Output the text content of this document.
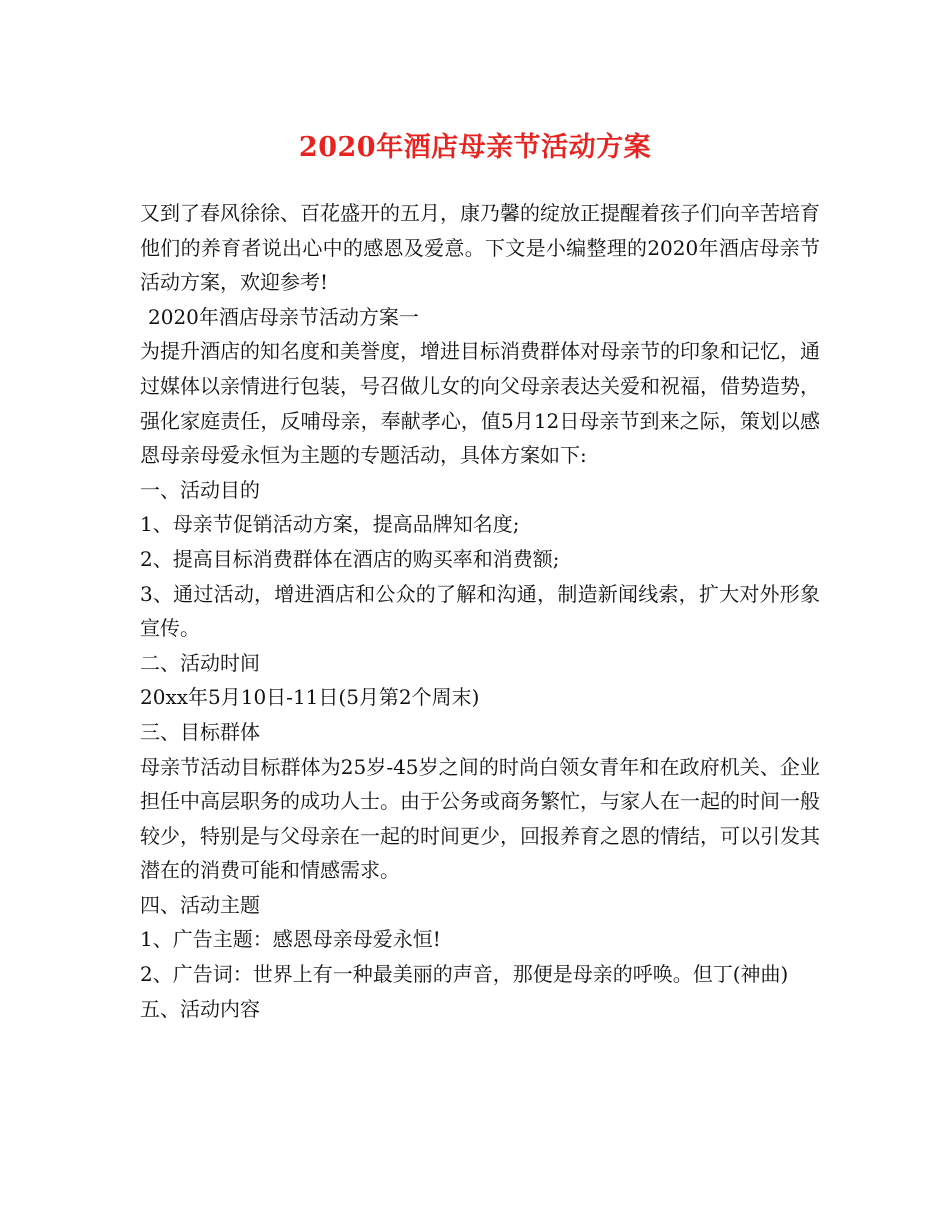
2020年酒店母亲节活动方案

又到了春风徐徐、百花盛开的五月，康乃馨的绽放正提醒着孩子们向辛苦培育他们的养育者说出心中的感恩及爱意。下文是小编整理的2020年酒店母亲节活动方案，欢迎参考!

2020年酒店母亲节活动方案一

为提升酒店的知名度和美誉度，增进目标消费群体对母亲节的印象和记忆，通过媒体以亲情进行包装，号召做儿女的向父母亲表达关爱和祝福，借势造势，强化家庭责任，反哺母亲，奉献孝心，值5月12日母亲节到来之际，策划以感恩母亲母爱永恒为主题的专题活动，具体方案如下:

一、活动目的

1、母亲节促销活动方案，提高品牌知名度;

2、提高目标消费群体在酒店的购买率和消费额;

3、通过活动，增进酒店和公众的了解和沟通，制造新闻线索，扩大对外形象宣传。

二、活动时间

20xx年5月10日-11日(5月第2个周末)

三、目标群体

母亲节活动目标群体为25岁-45岁之间的时尚白领女青年和在政府机关、企业担任中高层职务的成功人士。由于公务或商务繁忙，与家人在一起的时间一般较少，特别是与父母亲在一起的时间更少，回报养育之恩的情结，可以引发其潜在的消费可能和情感需求。

四、活动主题

1、广告主题：感恩母亲母爱永恒!

2、广告词：世界上有一种最美丽的声音，那便是母亲的呼唤。但丁(神曲)

五、活动内容
